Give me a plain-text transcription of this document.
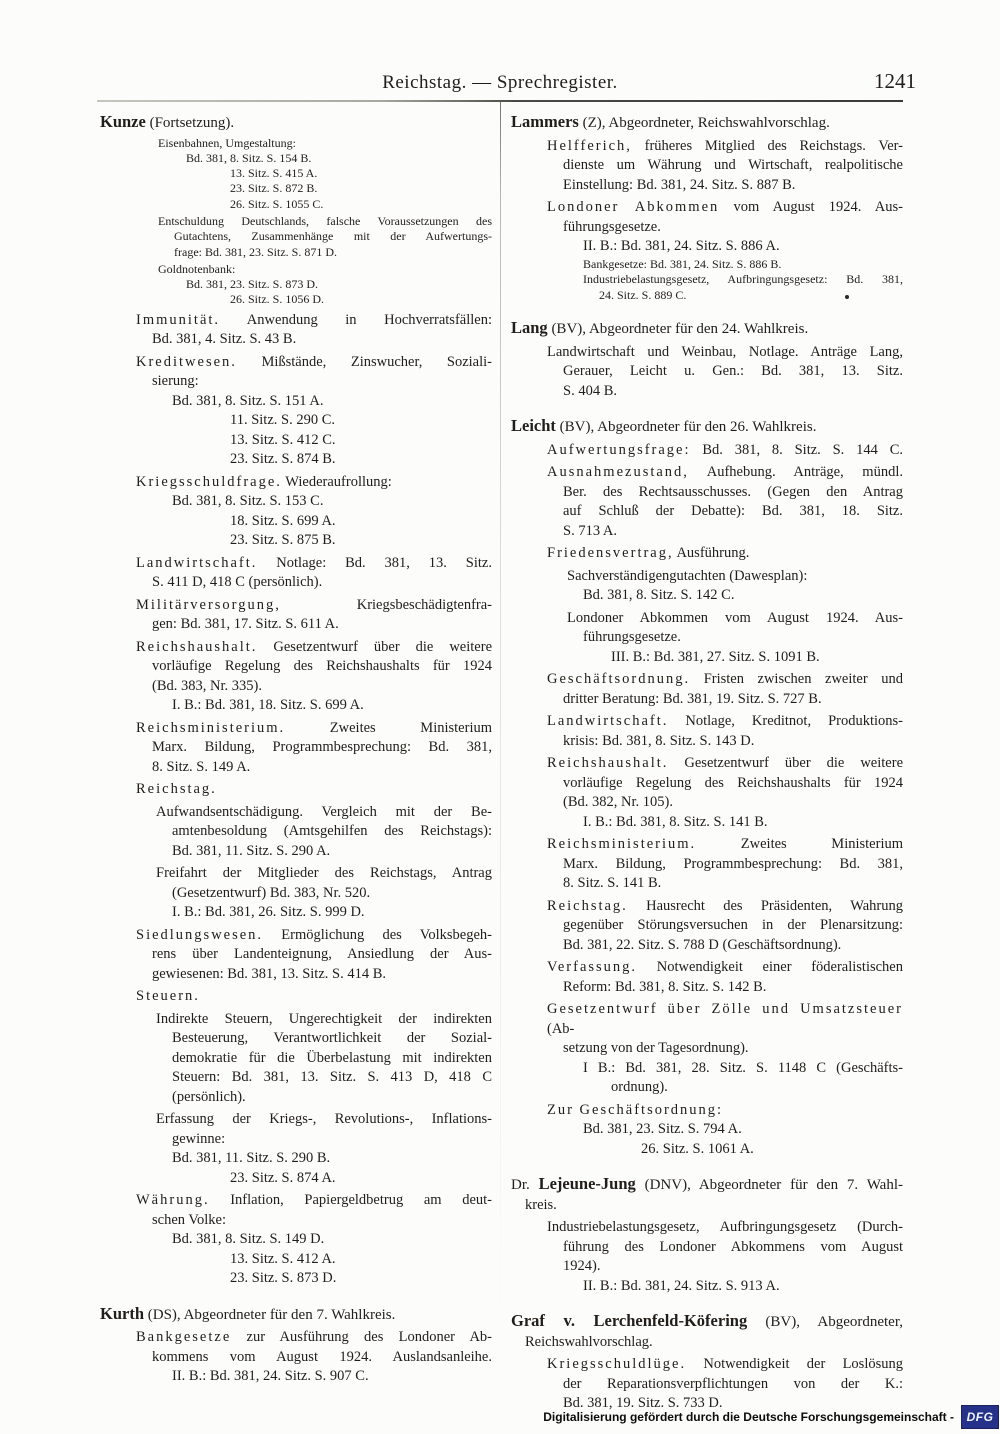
Reichstag. — Sprechregister.	1241
Kunze (Fortsetzung).
Eisenbahnen, Umgestaltung:
Bd. 381, 8. Sitz. S. 154 B.
13. Sitz. S. 415 A.
23. Sitz. S. 872 B.
26. Sitz. S. 1055 C.
Entschuldung Deutschlands, falsche Voraussetzungen des
Gutachtens, Zusammenhänge mit der Aufwertungs-
frage: Bd. 381, 23. Sitz. S. 871 D.
Goldnotenbank:
Bd. 381, 23. Sitz. S. 873 D.
26. Sitz. S. 1056 D.
Immunität. Anwendung in Hochverratsfällen:
Bd. 381, 4. Sitz. S. 43 B.
Kreditwesen. Mißstände, Zinswucher, Soziali-
sierung:
Bd. 381, 8. Sitz. S. 151 A.
11. Sitz. S. 290 C.
13. Sitz. S. 412 C.
23. Sitz. S. 874 B.
Kriegsschuldfrage. Wiederaufrollung:
Bd. 381, 8. Sitz. S. 153 C.
18. Sitz. S. 699 A.
23. Sitz. S. 875 B.
Landwirtschaft. Notlage: Bd. 381, 13. Sitz.
S. 411 D, 418 C (persönlich).
Militärversorgung, Kriegsbeschädigtenfra-
gen: Bd. 381, 17. Sitz. S. 611 A.
Reichshaushalt. Gesetzentwurf über die weitere
vorläufige Regelung des Reichshaushalts für 1924
(Bd. 383, Nr. 335).
I. B.: Bd. 381, 18. Sitz. S. 699 A.
Reichsministerium. Zweites Ministerium
Marx. Bildung, Programmbesprechung: Bd. 381,
8. Sitz. S. 149 A.
Reichstag.
Aufwandsentschädigung. Vergleich mit der Be-
amtenbesoldung (Amtsgehilfen des Reichstags):
Bd. 381, 11. Sitz. S. 290 A.
Freifahrt der Mitglieder des Reichstags, Antrag
(Gesetzentwurf) Bd. 383, Nr. 520.
I. B.: Bd. 381, 26. Sitz. S. 999 D.
Siedlungswesen. Ermöglichung des Volksbegeh-
rens über Landenteignung, Ansiedlung der Aus-
gewiesenen: Bd. 381, 13. Sitz. S. 414 B.
Steuern.
Indirekte Steuern, Ungerechtigkeit der indirekten
Besteuerung, Verantwortlichkeit der Sozial-
demokratie für die Überbelastung mit indirekten
Steuern: Bd. 381, 13. Sitz. S. 413 D, 418 C
(persönlich).
Erfassung der Kriegs-, Revolutions-, Inflations-
gewinne:
Bd. 381, 11. Sitz. S. 290 B.
23. Sitz. S. 874 A.
Währung. Inflation, Papiergeldbetrug am deut-
schen Volke:
Bd. 381, 8. Sitz. S. 149 D.
13. Sitz. S. 412 A.
23. Sitz. S. 873 D.
Kurth (DS), Abgeordneter für den 7. Wahlkreis.
Bankgesetze zur Ausführung des Londoner Ab-
kommens vom August 1924. Auslandsanleihe.
II. B.: Bd. 381, 24. Sitz. S. 907 C.
Lammers (Z), Abgeordneter, Reichswahlvorschlag.
Helfferich, früheres Mitglied des Reichstags. Ver-
dienste um Währung und Wirtschaft, realpolitische
Einstellung: Bd. 381, 24. Sitz. S. 887 B.
Londoner Abkommen vom August 1924. Aus-
führungsgesetze.
II. B.: Bd. 381, 24. Sitz. S. 886 A.
Bankgesetze: Bd. 381, 24. Sitz. S. 886 B.
Industriebelastungsgesetz, Aufbringungsgesetz: Bd. 381,
24. Sitz. S. 889 C.
Lang (BV), Abgeordneter für den 24. Wahlkreis.
Landwirtschaft und Weinbau, Notlage. Anträge Lang,
Gerauer, Leicht u. Gen.: Bd. 381, 13. Sitz.
S. 404 B.
Leicht (BV), Abgeordneter für den 26. Wahlkreis.
Aufwertungsfrage: Bd. 381, 8. Sitz. S. 144 C.
Ausnahmezustand, Aufhebung. Anträge, mündl.
Ber. des Rechtsausschusses. (Gegen den Antrag
auf Schluß der Debatte): Bd. 381, 18. Sitz.
S. 713 A.
Friedensvertrag, Ausführung.
Sachverständigengutachten (Dawesplan):
Bd. 381, 8. Sitz. S. 142 C.
Londoner Abkommen vom August 1924. Aus-
führungsgesetze.
III. B.: Bd. 381, 27. Sitz. S. 1091 B.
Geschäftsordnung. Fristen zwischen zweiter und
dritter Beratung: Bd. 381, 19. Sitz. S. 727 B.
Landwirtschaft. Notlage, Kreditnot, Produktions-
krisis: Bd. 381, 8. Sitz. S. 143 D.
Reichshaushalt. Gesetzentwurf über die weitere
vorläufige Regelung des Reichshaushalts für 1924
(Bd. 382, Nr. 105).
I. B.: Bd. 381, 8. Sitz. S. 141 B.
Reichsministerium. Zweites Ministerium
Marx. Bildung, Programmbesprechung: Bd. 381,
8. Sitz. S. 141 B.
Reichstag. Hausrecht des Präsidenten, Wahrung
gegenüber Störungsversuchen in der Plenarsitzung:
Bd. 381, 22. Sitz. S. 788 D (Geschäftsordnung).
Verfassung. Notwendigkeit einer föderalistischen
Reform: Bd. 381, 8. Sitz. S. 142 B.
Gesetzentwurf über Zölle und Umsatzsteuer (Ab-
setzung von der Tagesordnung).
I B.: Bd. 381, 28. Sitz. S. 1148 C (Geschäfts-
ordnung).
Zur Geschäftsordnung:
Bd. 381, 23. Sitz. S. 794 A.
26. Sitz. S. 1061 A.
Dr. Lejeune-Jung (DNV), Abgeordneter für den 7. Wahl-
kreis.
Industriebelastungsgesetz, Aufbringungsgesetz (Durch-
führung des Londoner Abkommens vom August
1924).
II. B.: Bd. 381, 24. Sitz. S. 913 A.
Graf v. Lerchenfeld-Köfering (BV), Abgeordneter,
Reichswahlvorschlag.
Kriegsschuldlüge. Notwendigkeit der Loslösung
der Reparationsverpflichtungen von der K.:
Bd. 381, 19. Sitz. S. 733 D.
Digitalisierung gefördert durch die Deutsche Forschungsgemeinschaft -	DFG
